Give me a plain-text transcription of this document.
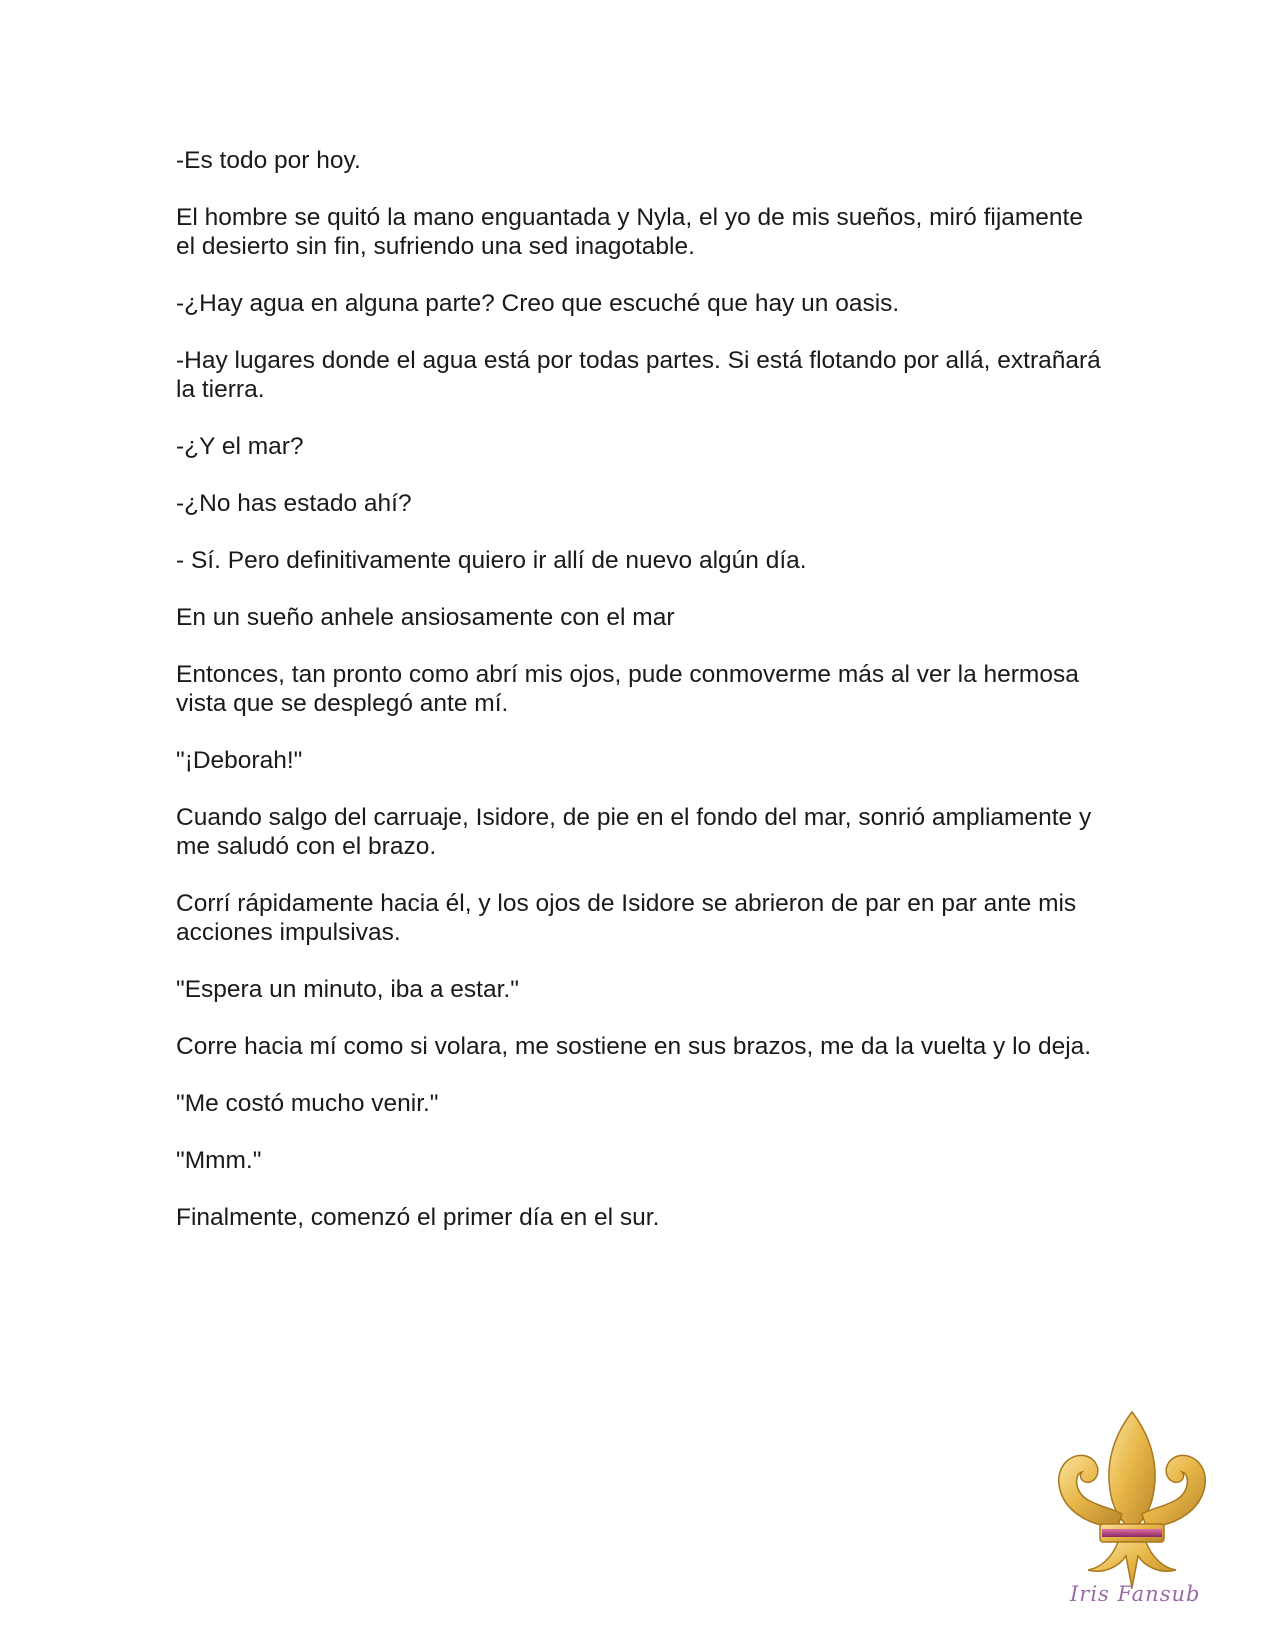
-Es todo por hoy.

El hombre se quitó la mano enguantada y Nyla, el yo de mis sueños, miró fijamente el desierto sin fin, sufriendo una sed inagotable.

-¿Hay agua en alguna parte? Creo que escuché que hay un oasis.

-Hay lugares donde el agua está por todas partes. Si está flotando por allá, extrañará la tierra.

-¿Y el mar?

-¿No has estado ahí?

- Sí. Pero definitivamente quiero ir allí de nuevo algún día.

En un sueño anhele ansiosamente con el mar

Entonces, tan pronto como abrí mis ojos, pude conmoverme más al ver la hermosa vista que se desplegó ante mí.

"¡Deborah!"

Cuando salgo del carruaje, Isidore, de pie en el fondo del mar, sonrió ampliamente y me saludó con el brazo.

Corrí rápidamente hacia él, y los ojos de Isidore se abrieron de par en par ante mis acciones impulsivas.

"Espera un minuto, iba a estar."

Corre hacia mí como si volara, me sostiene en sus brazos, me da la vuelta y lo deja.

"Me costó mucho venir."

"Mmm."

Finalmente, comenzó el primer día en el sur.

Iris Fansub
